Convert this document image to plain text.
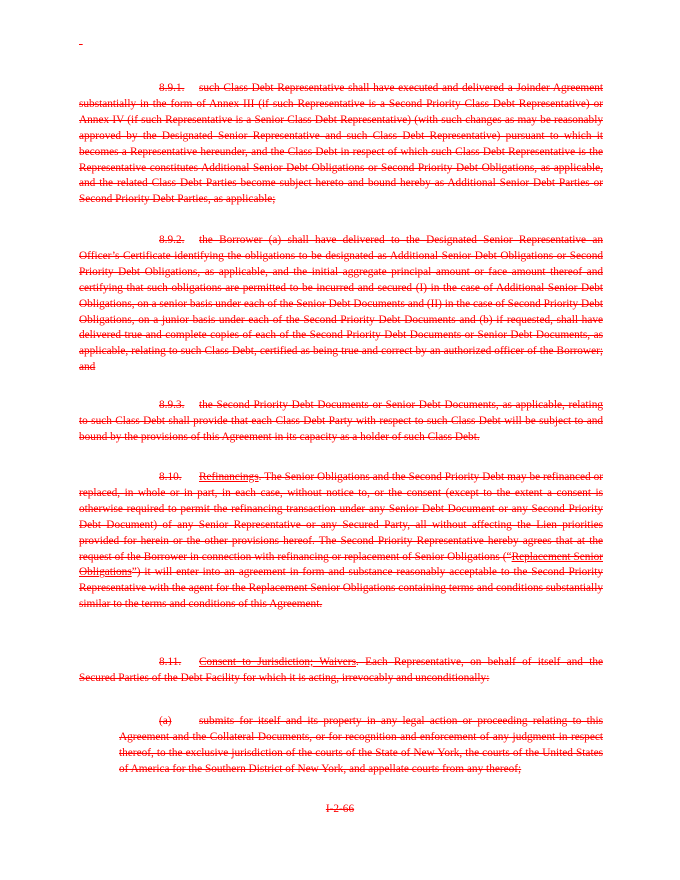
-

8.9.1. such Class Debt Representative shall have executed and delivered a Joinder Agreement substantially in the form of Annex III (if such Representative is a Second Priority Class Debt Representative) or Annex IV (if such Representative is a Senior Class Debt Representative) (with such changes as may be reasonably approved by the Designated Senior Representative and such Class Debt Representative) pursuant to which it becomes a Representative hereunder, and the Class Debt in respect of which such Class Debt Representative is the Representative constitutes Additional Senior Debt Obligations or Second Priority Debt Obligations, as applicable, and the related Class Debt Parties become subject hereto and bound hereby as Additional Senior Debt Parties or Second Priority Debt Parties, as applicable;

8.9.2. the Borrower (a) shall have delivered to the Designated Senior Representative an Officer’s Certificate identifying the obligations to be designated as Additional Senior Debt Obligations or Second Priority Debt Obligations, as applicable, and the initial aggregate principal amount or face amount thereof and certifying that such obligations are permitted to be incurred and secured (I) in the case of Additional Senior Debt Obligations, on a senior basis under each of the Senior Debt Documents and (II) in the case of Second Priority Debt Obligations, on a junior basis under each of the Second Priority Debt Documents and (b) if requested, shall have delivered true and complete copies of each of the Second Priority Debt Documents or Senior Debt Documents, as applicable, relating to such Class Debt, certified as being true and correct by an authorized officer of the Borrower; and

8.9.3. the Second Priority Debt Documents or Senior Debt Documents, as applicable, relating to such Class Debt shall provide that each Class Debt Party with respect to such Class Debt will be subject to and bound by the provisions of this Agreement in its capacity as a holder of such Class Debt.

8.10. Refinancings. The Senior Obligations and the Second Priority Debt may be refinanced or replaced, in whole or in part, in each case, without notice to, or the consent (except to the extent a consent is otherwise required to permit the refinancing transaction under any Senior Debt Document or any Second Priority Debt Document) of any Senior Representative or any Secured Party, all without affecting the Lien priorities provided for herein or the other provisions hereof. The Second Priority Representative hereby agrees that at the request of the Borrower in connection with refinancing or replacement of Senior Obligations (“Replacement Senior Obligations”) it will enter into an agreement in form and substance reasonably acceptable to the Second Priority Representative with the agent for the Replacement Senior Obligations containing terms and conditions substantially similar to the terms and conditions of this Agreement.

8.11. Consent to Jurisdiction; Waivers. Each Representative, on behalf of itself and the Secured Parties of the Debt Facility for which it is acting, irrevocably and unconditionally:

(a) submits for itself and its property in any legal action or proceeding relating to this Agreement and the Collateral Documents, or for recognition and enforcement of any judgment in respect thereof, to the exclusive jurisdiction of the courts of the State of New York, the courts of the United States of America for the Southern District of New York, and appellate courts from any thereof;

I-2-66
